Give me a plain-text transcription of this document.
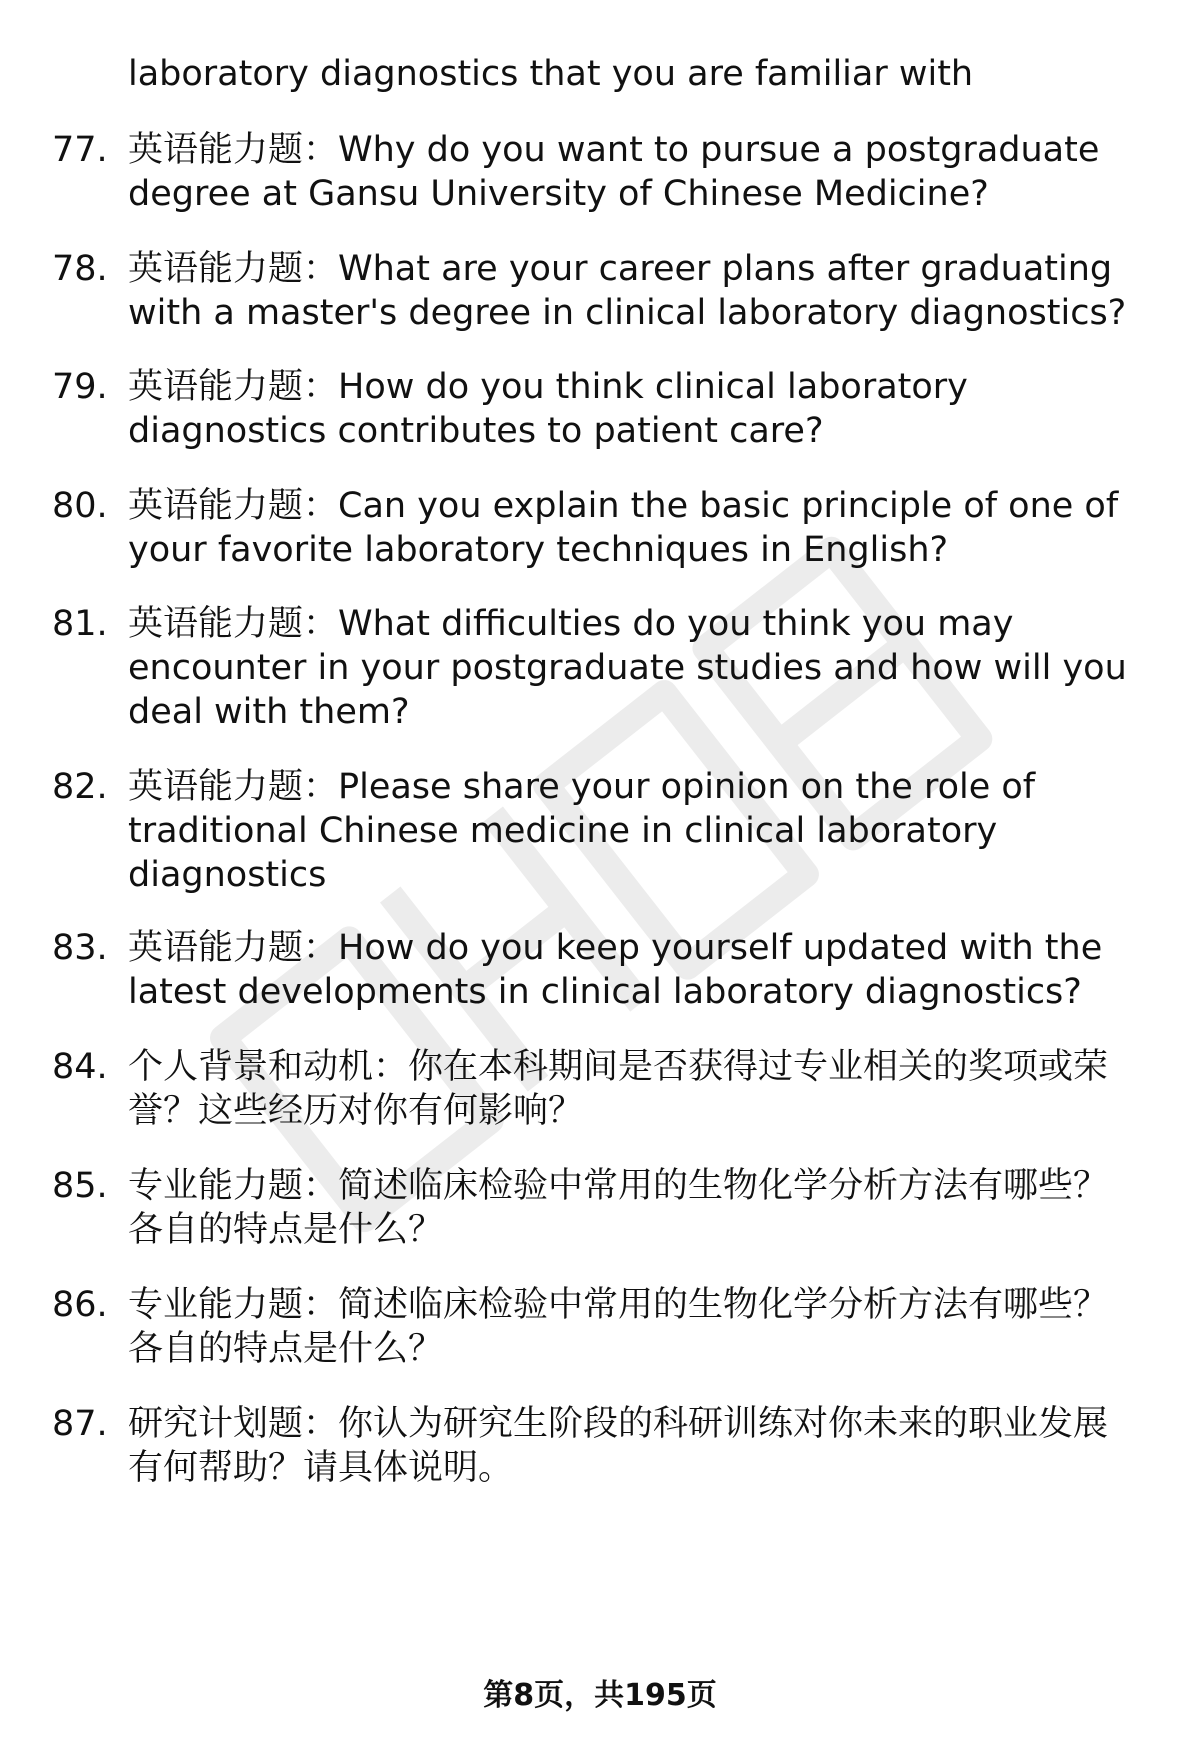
laboratory diagnostics that you are familiar with
77. 英语能力题：Why do you want to pursue a postgraduate
degree at Gansu University of Chinese Medicine?
78. 英语能力题：What are your career plans after graduating
with a master's degree in clinical laboratory diagnostics?
79. 英语能力题：How do you think clinical laboratory
diagnostics contributes to patient care?
80. 英语能力题：Can you explain the basic principle of one of
your favorite laboratory techniques in English?
81. 英语能力题：What difficulties do you think you may
encounter in your postgraduate studies and how will you
deal with them?
82. 英语能力题：Please share your opinion on the role of
traditional Chinese medicine in clinical laboratory
diagnostics
83. 英语能力题：How do you keep yourself updated with the
latest developments in clinical laboratory diagnostics?
84. 个人背景和动机：你在本科期间是否获得过专业相关的奖项或荣
誉？这些经历对你有何影响？
85. 专业能力题：简述临床检验中常用的生物化学分析方法有哪些？
各自的特点是什么？
86. 专业能力题：简述临床检验中常用的生物化学分析方法有哪些？
各自的特点是什么？
87. 研究计划题：你认为研究生阶段的科研训练对你未来的职业发展
有何帮助？请具体说明。
第8页，共195页
